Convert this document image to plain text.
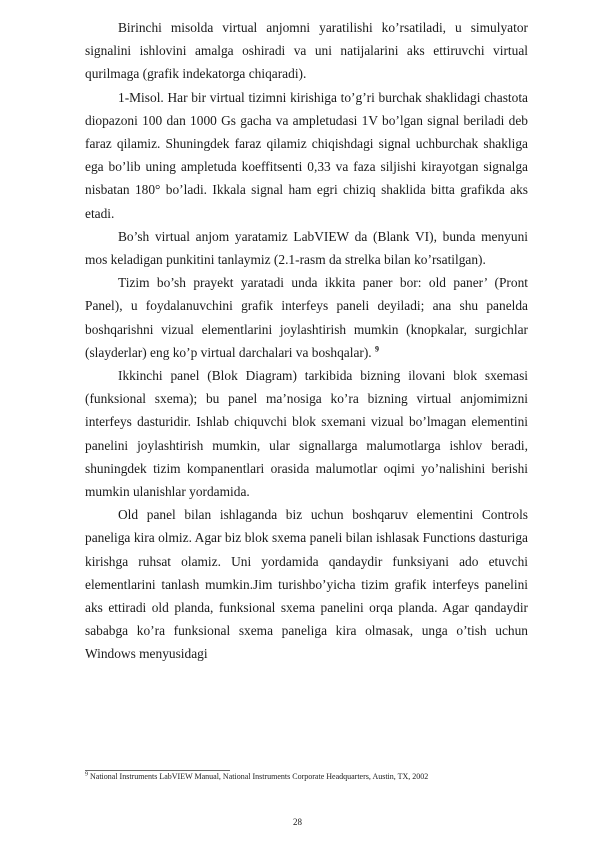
Birinchi misolda virtual anjomni yaratilishi ko’rsatiladi, u simulyator signalini ishlovini amalga oshiradi va uni natijalarini aks ettiruvchi virtual qurilmaga (grafik indekatorga chiqaradi).

1-Misol. Har bir virtual tizimni kirishiga to’g’ri burchak shaklidagi chastota diopazoni 100 dan 1000 Gs gacha va ampletudasi 1V bo’lgan signal beriladi deb faraz qilamiz. Shuningdek faraz qilamiz chiqishdagi signal uchburchak shakliga ega bo’lib uning ampletuda koeffitsenti 0,33 va faza siljishi kirayotgan signalga nisbatan 180° bo’ladi. Ikkala signal ham egri chiziq shaklida bitta grafikda aks etadi.

Bo’sh virtual anjom yaratamiz LabVIEW da (Blank VI), bunda menyuni mos keladigan punkitini tanlaymiz (2.1-rasm da strelka bilan ko’rsatilgan).

Tizim bo’sh prayekt yaratadi unda ikkita paner bor: old paner’ (Pront Panel), u foydalanuvchini grafik interfeys paneli deyiladi; ana shu panelda boshqarishni vizual elementlarini joylashtirish mumkin (knopkalar, surgichlar (slayderlar) eng ko’p virtual darchalari va boshqalar). $^9$

Ikkinchi panel (Blok Diagram) tarkibida bizning ilovani blok sxemasi (funksional sxema); bu panel ma’nosiga ko’ra bizning virtual anjomimizni interfeys dasturidir. Ishlab chiquvchi blok sxemani vizual bo’lmagan elementini panelini joylashtirish mumkin, ular signallarga malumotlarga ishlov beradi, shuningdek tizim kompanentlari orasida malumotlar oqimi yo’nalishini berishi mumkin ulanishlar yordamida.

Old panel bilan ishlaganda biz uchun boshqaruv elementini Controls paneliga kira olmiz. Agar biz blok sxema paneli bilan ishlasak Functions dasturiga kirishga ruhsat olamiz. Uni yordamida qandaydir funksiyani ado etuvchi elementlarini tanlash mumkin.Jim turishbo’yicha tizim grafik interfeys panelini aks ettiradi old planda, funksional sxema panelini orqa planda. Agar qandaydir sababga ko’ra funksional sxema paneliga kira olmasak, unga o’tish uchun Windows menyusidagi

$^9$ National Instruments LabVIEW Manual, National Instruments Corporate Headquarters, Austin, TX, 2002
28
